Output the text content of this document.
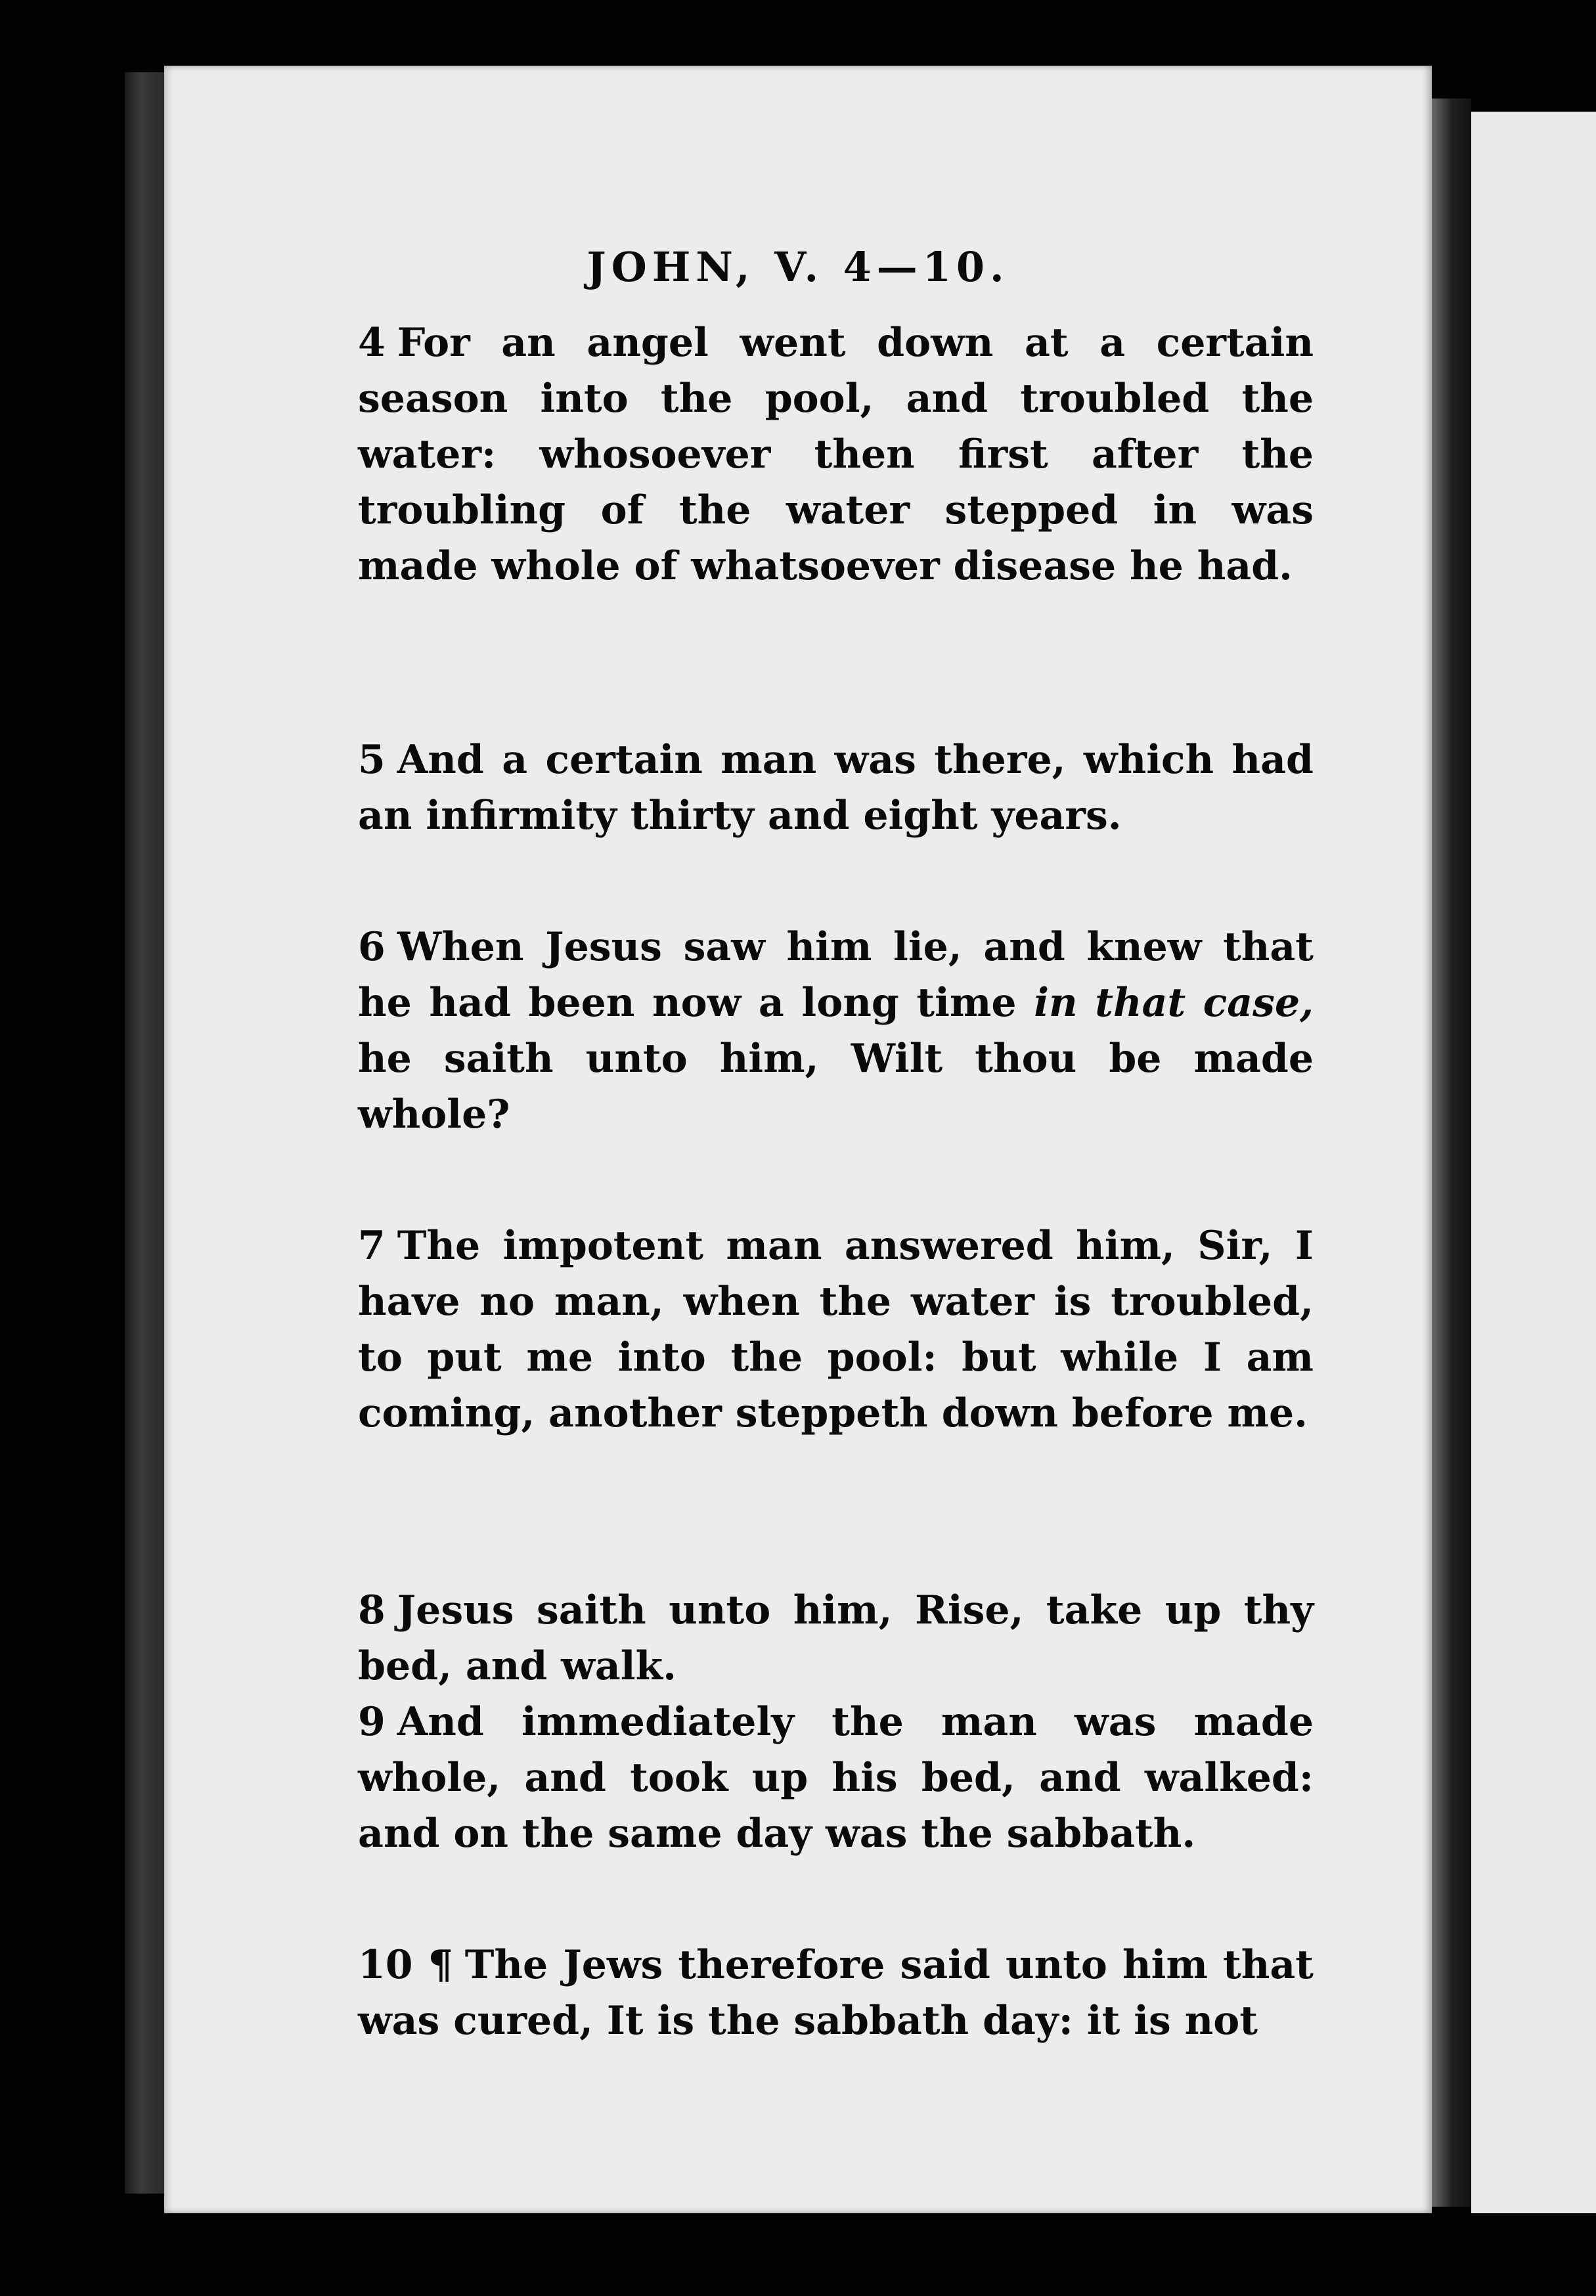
JOHN, V. 4—10.

4 For an angel went down at a certain season into the pool, and troubled the water: whosoever then first after the troubling of the water stepped in was made whole of whatsoever disease he had.

5 And a certain man was there, which had an infirmity thirty and eight years.

6 When Jesus saw him lie, and knew that he had been now a long time in that case, he saith unto him, Wilt thou be made whole?

7 The impotent man answered him, Sir, I have no man, when the water is troubled, to put me into the pool: but while I am coming, another steppeth down before me.

8 Jesus saith unto him, Rise, take up thy bed, and walk.

9 And immediately the man was made whole, and took up his bed, and walked: and on the same day was the sabbath.

10 ¶ The Jews therefore said unto him that was cured, It is the sabbath day: it is not
